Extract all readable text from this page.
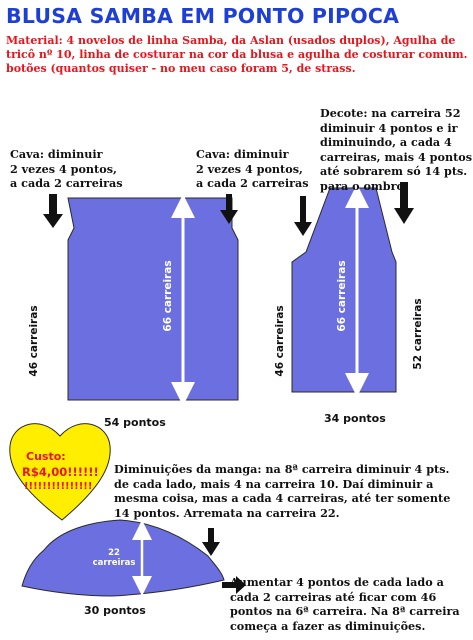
BLUSA SAMBA EM PONTO PIPOCA
Material: 4 novelos de linha Samba, da Aslan (usados duplos), Agulha de tricô nº 10, linha de costurar na cor da blusa e agulha de costurar comum. botões (quantos quiser - no meu caso foram 5, de strass.
Cava: diminuir
2 vezes 4 pontos,
a cada 2 carreiras
Cava: diminuir
2 vezes 4 pontos,
a cada 2 carreiras
Decote: na carreira 52
diminuir 4 pontos e ir
diminuindo, a cada 4
carreiras, mais 4 pontos
até sobrarem só 14 pts.
para o ombro.
66 carreiras
46 carreiras
66 carreiras
46 carreiras	52 carreiras
54 pontos	34 pontos
Custo:
R$4,00!!!!!!
!!!!!!!!!!!!!!!
Diminuições da manga: na 8ª carreira diminuir 4 pts.
de cada lado, mais 4 na carreira 10. Daí diminuir a
mesma coisa, mas a cada 4 carreiras, até ter somente
14 pontos. Arremata na carreira 22.
22
carreiras
30 pontos
Aumentar 4 pontos de cada lado a
cada 2 carreiras até ficar com 46
pontos na 6ª carreira. Na 8ª carreira
começa a fazer as diminuições.
